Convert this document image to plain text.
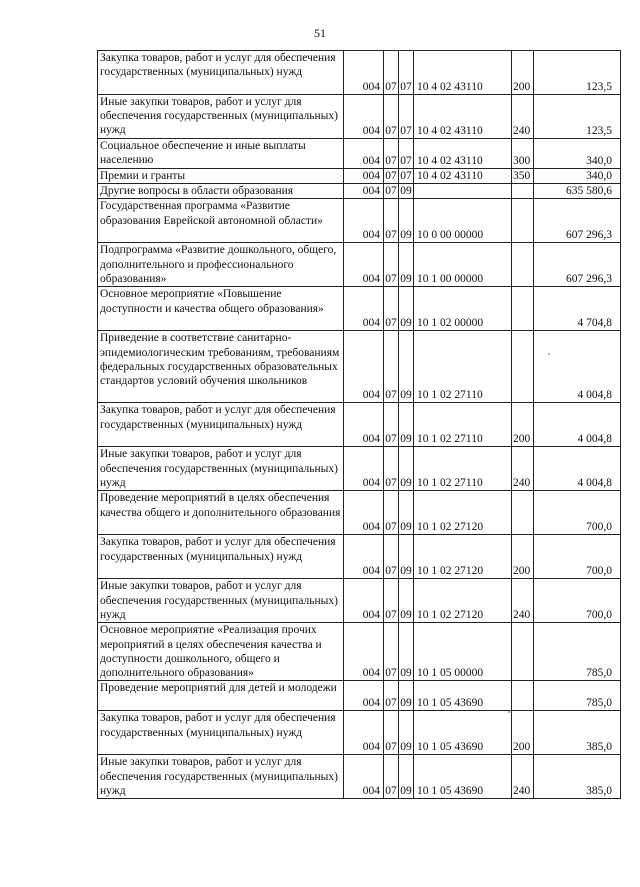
51
Закупка товаров, работ и услуг для обеспечения государственных (муниципальных) нужд	004	07	07	10 4 02 43110	200	123,5
Иные закупки товаров, работ и услуг для обеспечения государственных (муниципальных) нужд	004	07	07	10 4 02 43110	240	123,5
Социальное обеспечение и иные выплаты населению	004	07	07	10 4 02 43110	300	340,0
Премии и гранты	004	07	07	10 4 02 43110	350	340,0
Другие вопросы в области образования	004	07	09			635 580,6
Государственная программа «Развитие образования Еврейской автономной области»	004	07	09	10 0 00 00000		607 296,3
Подпрограмма «Развитие дошкольного, общего, дополнительного и профессионального образования»	004	07	09	10 1 00 00000		607 296,3
Основное мероприятие «Повышение доступности и качества общего образования»	004	07	09	10 1 02 00000		4 704,8
Приведение в соответствие санитарно-эпидемиологическим требованиям, требованиям федеральных государственных образовательных стандартов условий обучения школьников	004	07	09	10 1 02 27110		4 004,8
Закупка товаров, работ и услуг для обеспечения государственных (муниципальных) нужд	004	07	09	10 1 02 27110	200	4 004,8
Иные закупки товаров, работ и услуг для обеспечения государственных (муниципальных) нужд	004	07	09	10 1 02 27110	240	4 004,8
Проведение мероприятий в целях обеспечения качества общего и дополнительного образования	004	07	09	10 1 02 27120		700,0
Закупка товаров, работ и услуг для обеспечения государственных (муниципальных) нужд	004	07	09	10 1 02 27120	200	700,0
Иные закупки товаров, работ и услуг для обеспечения государственных (муниципальных) нужд	004	07	09	10 1 02 27120	240	700,0
Основное мероприятие «Реализация прочих мероприятий в целях обеспечения качества и доступности дошкольного, общего и дополнительного образования»	004	07	09	10 1 05 00000		785,0
Проведение мероприятий для детей и молодежи	004	07	09	10 1 05 43690		785,0
Закупка товаров, работ и услуг для обеспечения государственных (муниципальных) нужд	004	07	09	10 1 05 43690	200	385,0
Иные закупки товаров, работ и услуг для обеспечения государственных (муниципальных) нужд	004	07	09	10 1 05 43690	240	385,0
